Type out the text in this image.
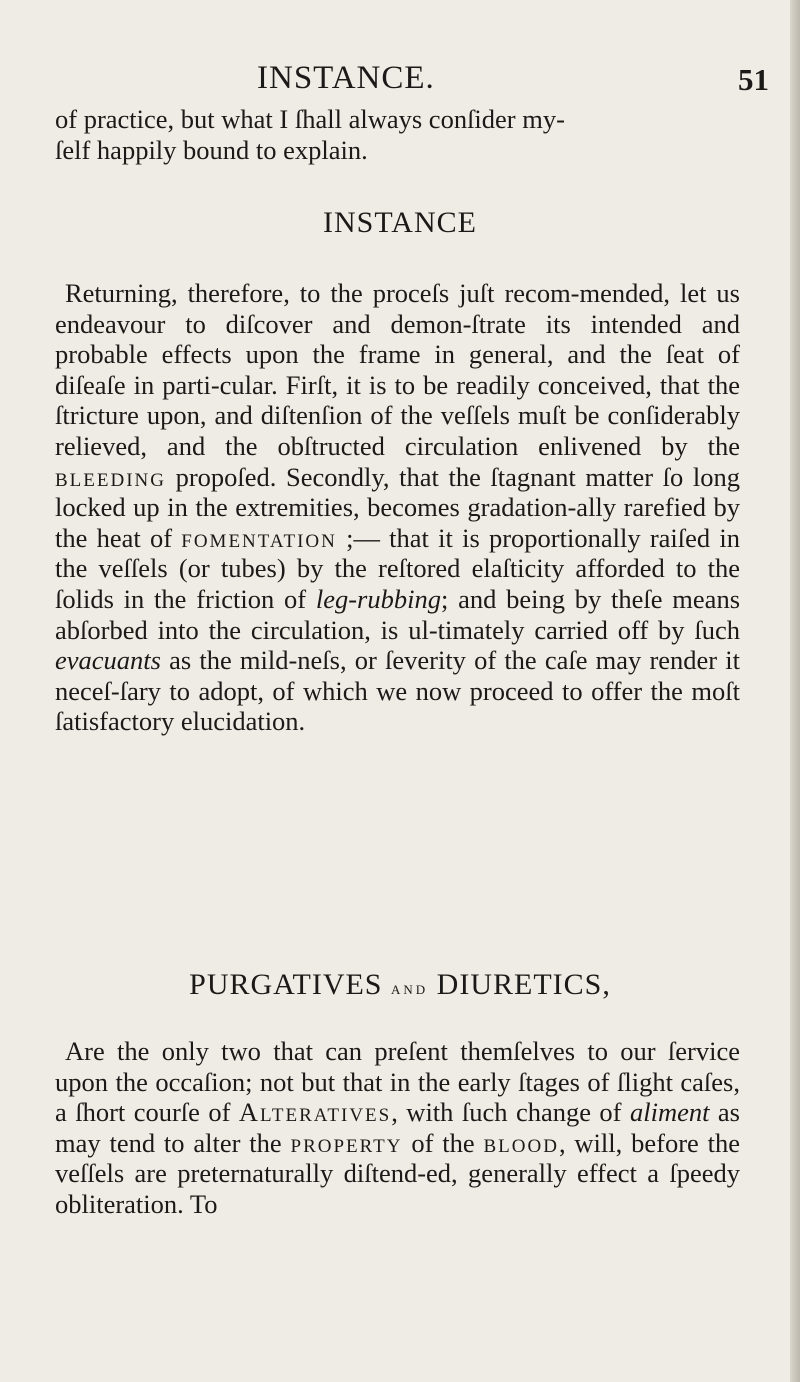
INSTANCE.	51

of practice, but what I ſhall always conſider my-

ſelf happily bound to explain.

INSTANCE

Returning, therefore, to the proceſs juſt recom-mended, let us endeavour to diſcover and demon-ſtrate its intended and probable effects upon the frame in general, and the ſeat of diſeaſe in parti-cular. Firſt, it is to be readily conceived, that the ſtricture upon, and diſtenſion of the veſſels muſt be conſiderably relieved, and the obſtructed circulation enlivened by the bleeding propoſed. Secondly, that the ſtagnant matter ſo long locked up in the extremities, becomes gradation-ally rarefied by the heat of fomentation ;— that it is proportionally raiſed in the veſſels (or tubes) by the reſtored elaſticity afforded to the ſolids in the friction of leg-rubbing; and being by theſe means abſorbed into the circulation, is ul-timately carried off by ſuch evacuants as the mild-neſs, or ſeverity of the caſe may render it neceſ-ſary to adopt, of which we now proceed to offer the moſt ſatisfactory elucidation.

PURGATIVES and DIURETICS,

Are the only two that can preſent themſelves to our ſervice upon the occaſion; not but that in the early ſtages of ſlight caſes, a ſhort courſe of Alteratives, with ſuch change of aliment as may tend to alter the property of the blood, will, before the veſſels are preternaturally diſtend-ed, generally effect a ſpeedy obliteration. To
